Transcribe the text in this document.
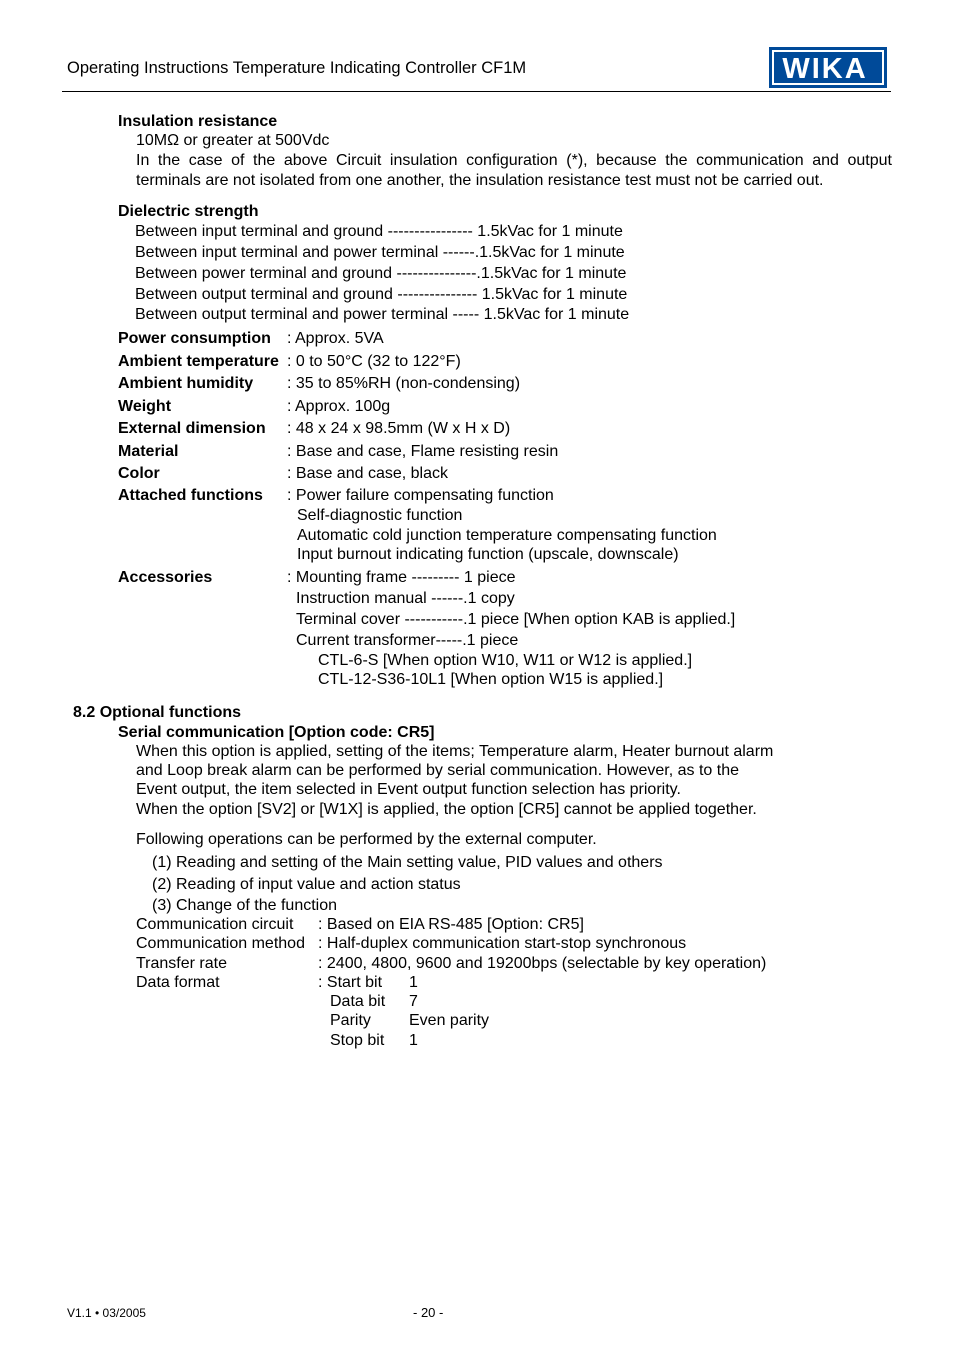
Operating Instructions Temperature Indicating Controller CF1M	WIKA
Insulation resistance
10MΩ or greater at 500Vdc
In the case of the above Circuit insulation configuration (*), because the communication and output terminals are not isolated from one another, the insulation resistance test must not be carried out.
Dielectric strength
Between input terminal and ground ---------------- 1.5kVac for 1 minute
Between input terminal and power terminal ------.1.5kVac for 1 minute
Between power terminal and ground ---------------.1.5kVac for 1 minute
Between output terminal and ground --------------- 1.5kVac for 1 minute
Between output terminal and power terminal ----- 1.5kVac for 1 minute
Power consumption : Approx. 5VA
Ambient temperature : 0 to 50°C (32 to 122°F)
Ambient humidity : 35 to 85%RH (non-condensing)
Weight	: Approx. 100g
External dimension : 48 x 24 x 98.5mm (W x H x D)
Material	: Base and case, Flame resisting resin
Color	: Base and case, black
Attached functions : Power failure compensating function
Self-diagnostic function
Automatic cold junction temperature compensating function
Input burnout indicating function (upscale, downscale)
Accessories	: Mounting frame --------- 1 piece
Instruction manual ------.1 copy
Terminal cover -----------.1 piece [When option KAB is applied.]
Current transformer-----.1 piece
CTL-6-S [When option W10, W11 or W12 is applied.]
CTL-12-S36-10L1 [When option W15 is applied.]
8.2 Optional functions
Serial communication [Option code: CR5]
When this option is applied, setting of the items; Temperature alarm, Heater burnout alarm
and Loop break alarm can be performed by serial communication. However, as to the
Event output, the item selected in Event output function selection has priority.
When the option [SV2] or [W1X] is applied, the option [CR5] cannot be applied together.
Following operations can be performed by the external computer.
(1) Reading and setting of the Main setting value, PID values and others
(2) Reading of input value and action status
(3) Change of the function
Communication circuit : Based on EIA RS-485 [Option: CR5]
Communication method : Half-duplex communication start-stop synchronous
Transfer rate	: 2400, 4800, 9600 and 19200bps (selectable by key operation)
Data format	: Start bit 1
Data bit 7
Parity Even parity
Stop bit 1
V1.1 • 03/2005	- 20 -
